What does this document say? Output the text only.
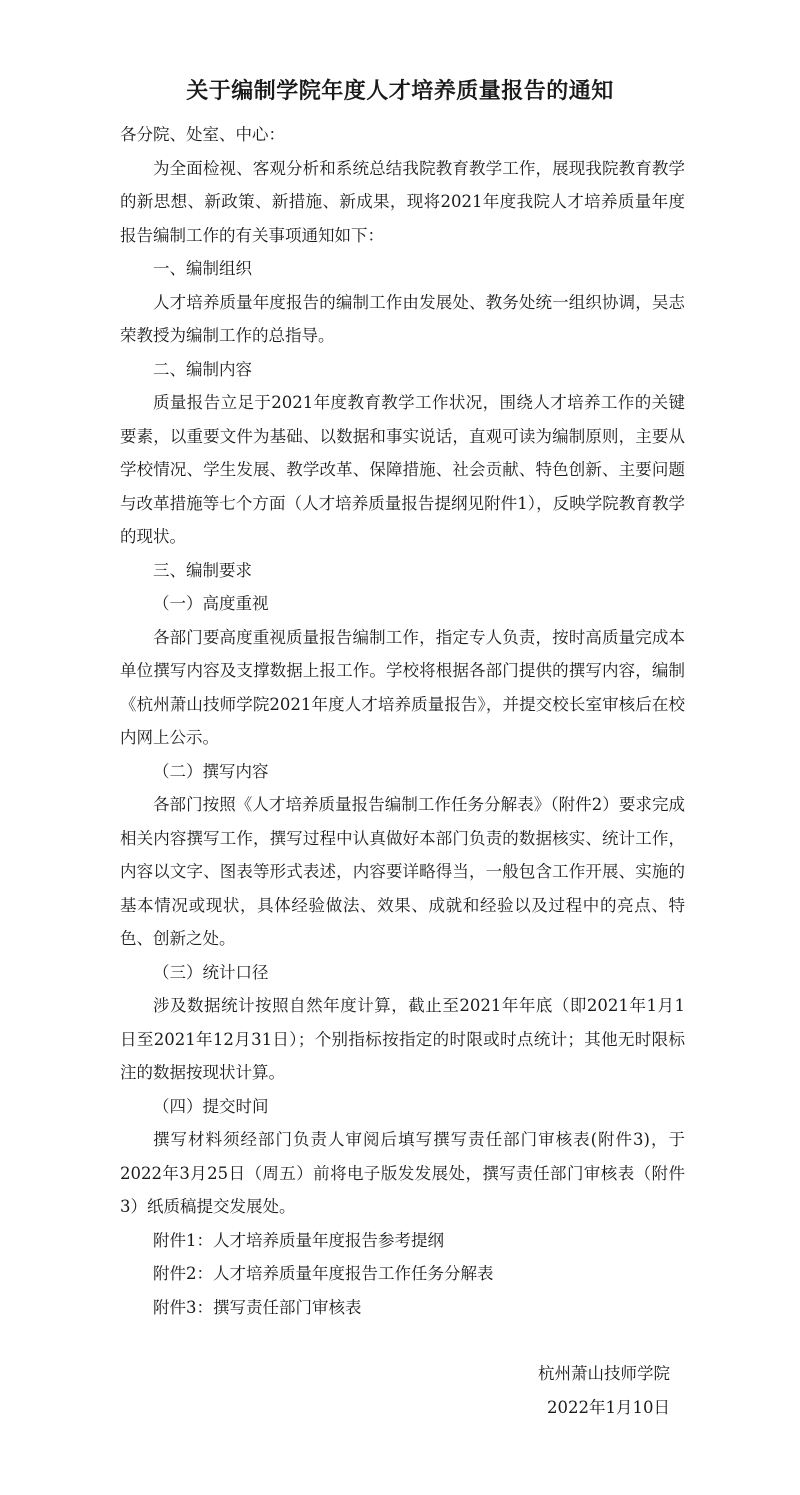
关于编制学院年度人才培养质量报告的通知

各分院、处室、中心：

为全面检视、客观分析和系统总结我院教育教学工作，展现我院教育教学的新思想、新政策、新措施、新成果，现将2021年度我院人才培养质量年度报告编制工作的有关事项通知如下：

一、编制组织

人才培养质量年度报告的编制工作由发展处、教务处统一组织协调，吴志荣教授为编制工作的总指导。

二、编制内容

质量报告立足于2021年度教育教学工作状况，围绕人才培养工作的关键要素，以重要文件为基础、以数据和事实说话，直观可读为编制原则，主要从学校情况、学生发展、教学改革、保障措施、社会贡献、特色创新、主要问题与改革措施等七个方面（人才培养质量报告提纲见附件1），反映学院教育教学的现状。

三、编制要求

（一）高度重视

各部门要高度重视质量报告编制工作，指定专人负责，按时高质量完成本单位撰写内容及支撑数据上报工作。学校将根据各部门提供的撰写内容，编制《杭州萧山技师学院2021年度人才培养质量报告》，并提交校长室审核后在校内网上公示。

（二）撰写内容

各部门按照《人才培养质量报告编制工作任务分解表》（附件2）要求完成相关内容撰写工作，撰写过程中认真做好本部门负责的数据核实、统计工作，内容以文字、图表等形式表述，内容要详略得当，一般包含工作开展、实施的基本情况或现状，具体经验做法、效果、成就和经验以及过程中的亮点、特色、创新之处。

（三）统计口径

涉及数据统计按照自然年度计算，截止至2021年年底（即2021年1月1日至2021年12月31日）；个别指标按指定的时限或时点统计；其他无时限标注的数据按现状计算。

（四）提交时间

撰写材料须经部门负责人审阅后填写撰写责任部门审核表(附件3)，于2022年3月25日（周五）前将电子版发发展处，撰写责任部门审核表（附件3）纸质稿提交发展处。

附件1：人才培养质量年度报告参考提纲

附件2：人才培养质量年度报告工作任务分解表

附件3：撰写责任部门审核表

杭州萧山技师学院
2022年1月10日
